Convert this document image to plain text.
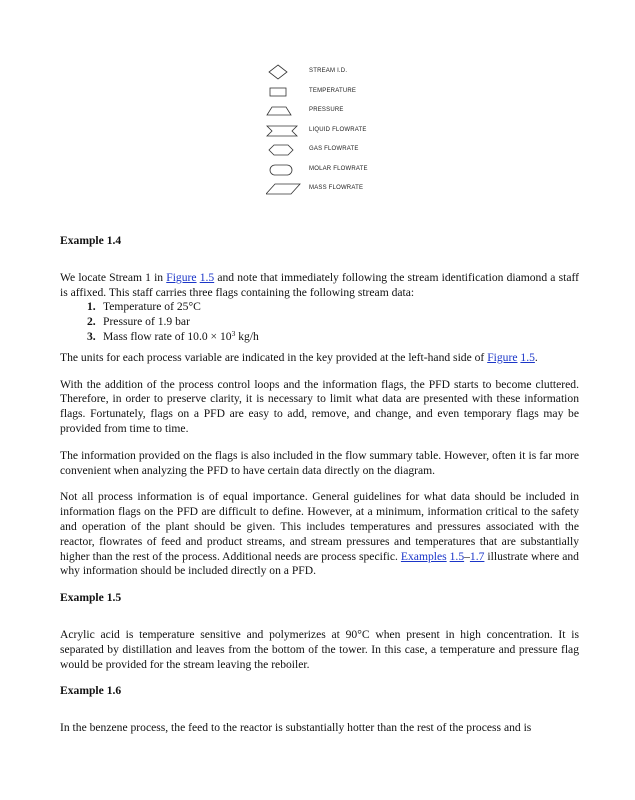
STREAM I.D.
TEMPERATURE
PRESSURE
LIQUID FLOWRATE
GAS FLOWRATE
MOLAR FLOWRATE
MASS FLOWRATE

Example 1.4

We locate Stream 1 in Figure 1.5 and note that immediately following the stream identification diamond a staff is affixed. This staff carries three flags containing the following stream data:

1. Temperature of 25°C
2. Pressure of 1.9 bar
3. Mass flow rate of $10.0 \times 10^3$ kg/h

The units for each process variable are indicated in the key provided at the left-hand side of Figure 1.5.

With the addition of the process control loops and the information flags, the PFD starts to become cluttered. Therefore, in order to preserve clarity, it is necessary to limit what data are presented with these information flags. Fortunately, flags on a PFD are easy to add, remove, and change, and even temporary flags may be provided from time to time.

The information provided on the flags is also included in the flow summary table. However, often it is far more convenient when analyzing the PFD to have certain data directly on the diagram.

Not all process information is of equal importance. General guidelines for what data should be included in information flags on the PFD are difficult to define. However, at a minimum, information critical to the safety and operation of the plant should be given. This includes temperatures and pressures associated with the reactor, flowrates of feed and product streams, and stream pressures and temperatures that are substantially higher than the rest of the process. Additional needs are process specific. Examples 1.5–1.7 illustrate where and why information should be included directly on a PFD.

Example 1.5

Acrylic acid is temperature sensitive and polymerizes at 90°C when present in high concentration. It is separated by distillation and leaves from the bottom of the tower. In this case, a temperature and pressure flag would be provided for the stream leaving the reboiler.

Example 1.6

In the benzene process, the feed to the reactor is substantially hotter than the rest of the process and is
